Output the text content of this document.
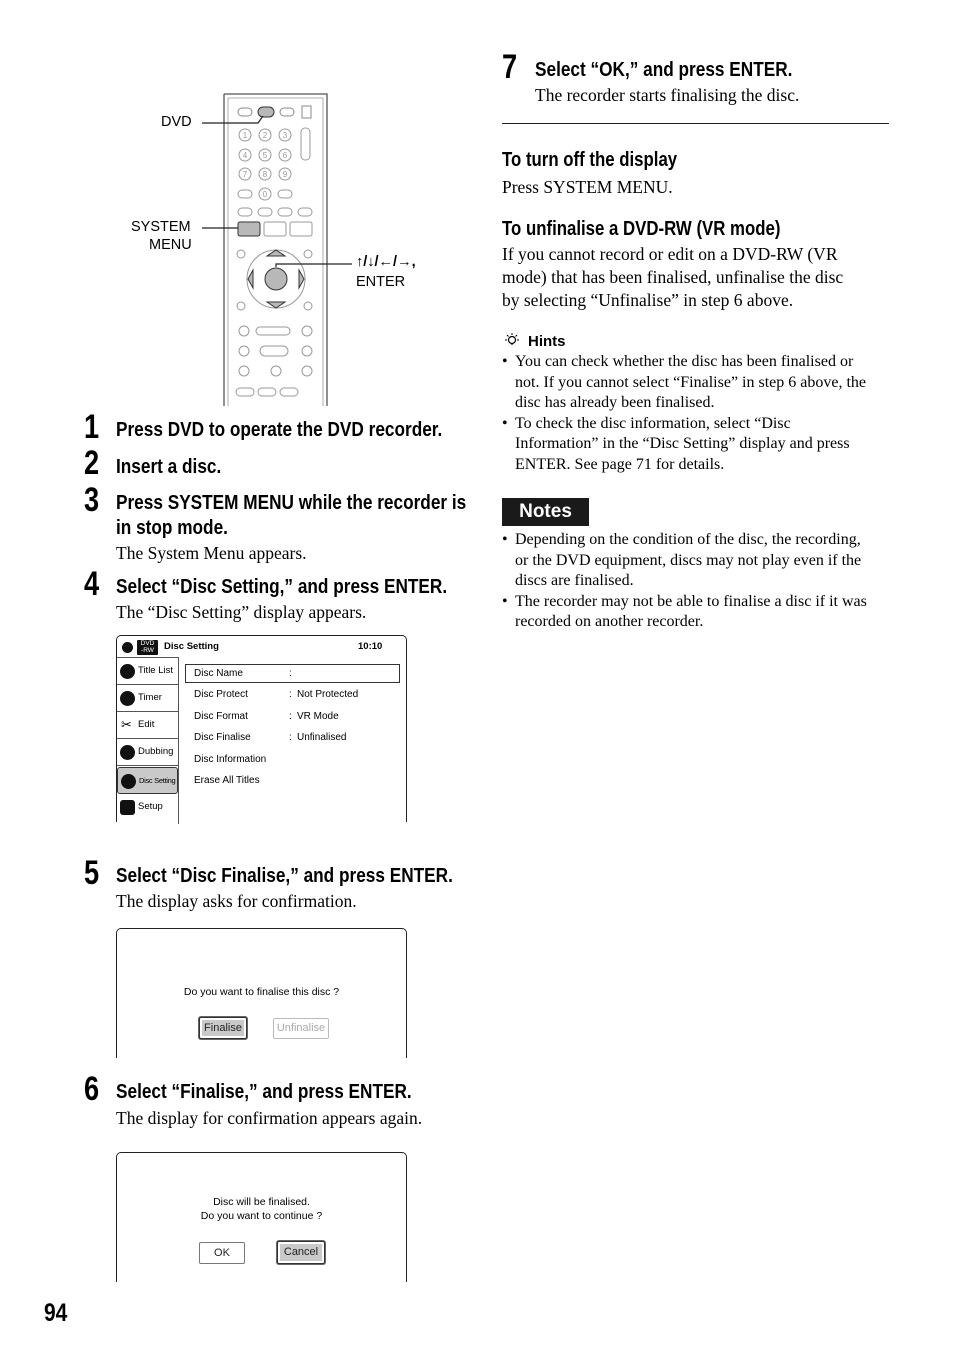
1 2 3
4 5 6
7 8 9
0
DVD
SYSTEM
MENU
↑/↓/←/→,
ENTER
1 Press DVD to operate the DVD recorder.
2 Insert a disc.
3 Press SYSTEM MENU while the recorder is
in stop mode.
The System Menu appears.
4 Select “Disc Setting,” and press ENTER.
The “Disc Setting” display appears.
DVD
-RW	Disc Setting	10:10
Title List
Timer
✂ Edit
Dubbing
Disc Setting
Setup
Disc Name	:
Disc Protect	: Not Protected
Disc Format	: VR Mode
Disc Finalise	: Unfinalised
Disc Information
Erase All Titles
5 Select “Disc Finalise,” and press ENTER.
The display asks for confirmation.
Do you want to finalise this disc ?
Finalise	Unfinalise
6 Select “Finalise,” and press ENTER.
The display for confirmation appears again.
Disc will be finalised.
Do you want to continue ?
OK	Cancel
7 Select “OK,” and press ENTER.
The recorder starts finalising the disc.
To turn off the display
Press SYSTEM MENU.
To unfinalise a DVD-RW (VR mode)
If you cannot record or edit on a DVD-RW (VR
mode) that has been finalised, unfinalise the disc
by selecting “Unfinalise” in step 6 above.
Hints
• You can check whether the disc has been finalised or
not. If you cannot select “Finalise” in step 6 above, the
disc has already been finalised.
• To check the disc information, select “Disc
Information” in the “Disc Setting” display and press
ENTER. See page 71 for details.
Notes
• Depending on the condition of the disc, the recording,
or the DVD equipment, discs may not play even if the
discs are finalised.
• The recorder may not be able to finalise a disc if it was
recorded on another recorder.
94
